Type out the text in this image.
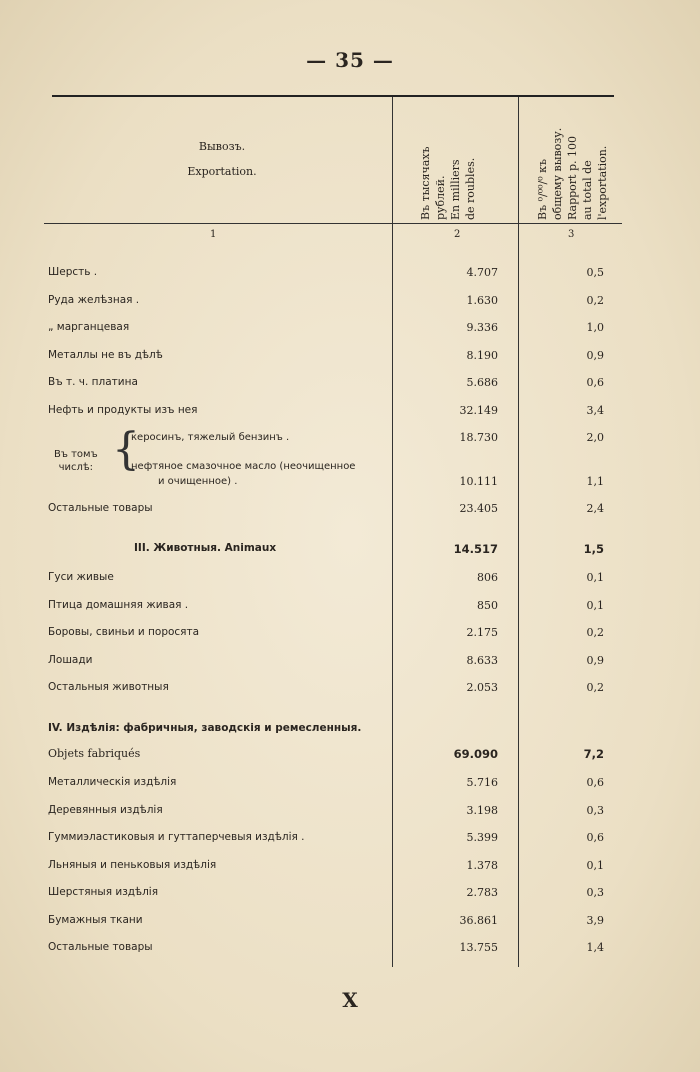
— 35 —
Вывозъ.
Exportation.
Въ тысячахъ
рублей.
En milliers
de roubles.
Въ ⁰/⁰⁰/⁰ къ
общему вывозу.
Rapport p. 100
au total de
l'exportation.
1	2	3
Шерсть .	4.707	0,5
Руда желѣзная .	1.630	0,2
„ марганцевая	9.336	1,0
Металлы не въ дѣлѣ	8.190	0,9
Въ т. ч. платина	5.686	0,6
Нефть и продукты изъ нея	32.149	3,4
Въ томъ
числѣ: {
керосинъ, тяжелый бензинъ .	18.730	2,0
нефтяное смазочное масло (неочищенное
и очищенное) .	10.111	1,1
Остальные товары	23.405	2,4
III. Животныя. Animaux	14.517	1,5
Гуси живые	806	0,1
Птица домашняя живая .	850	0,1
Боровы, свиньи и поросята	2.175	0,2
Лошади	8.633	0,9
Остальныя животныя	2.053	0,2
IV. Издѣлія: фабричныя, заводскія и ремесленныя.
Objets fabriqués	69.090	7,2
Металлическія издѣлія	5.716	0,6
Деревянныя издѣлія	3.198	0,3
Гуммиэластиковыя и гуттаперчевыя издѣлія .	5.399	0,6
Льняныя и пеньковыя издѣлія	1.378	0,1
Шерстяныя издѣлія	2.783	0,3
Бумажныя ткани	36.861	3,9
Остальные товары	13.755	1,4
X
